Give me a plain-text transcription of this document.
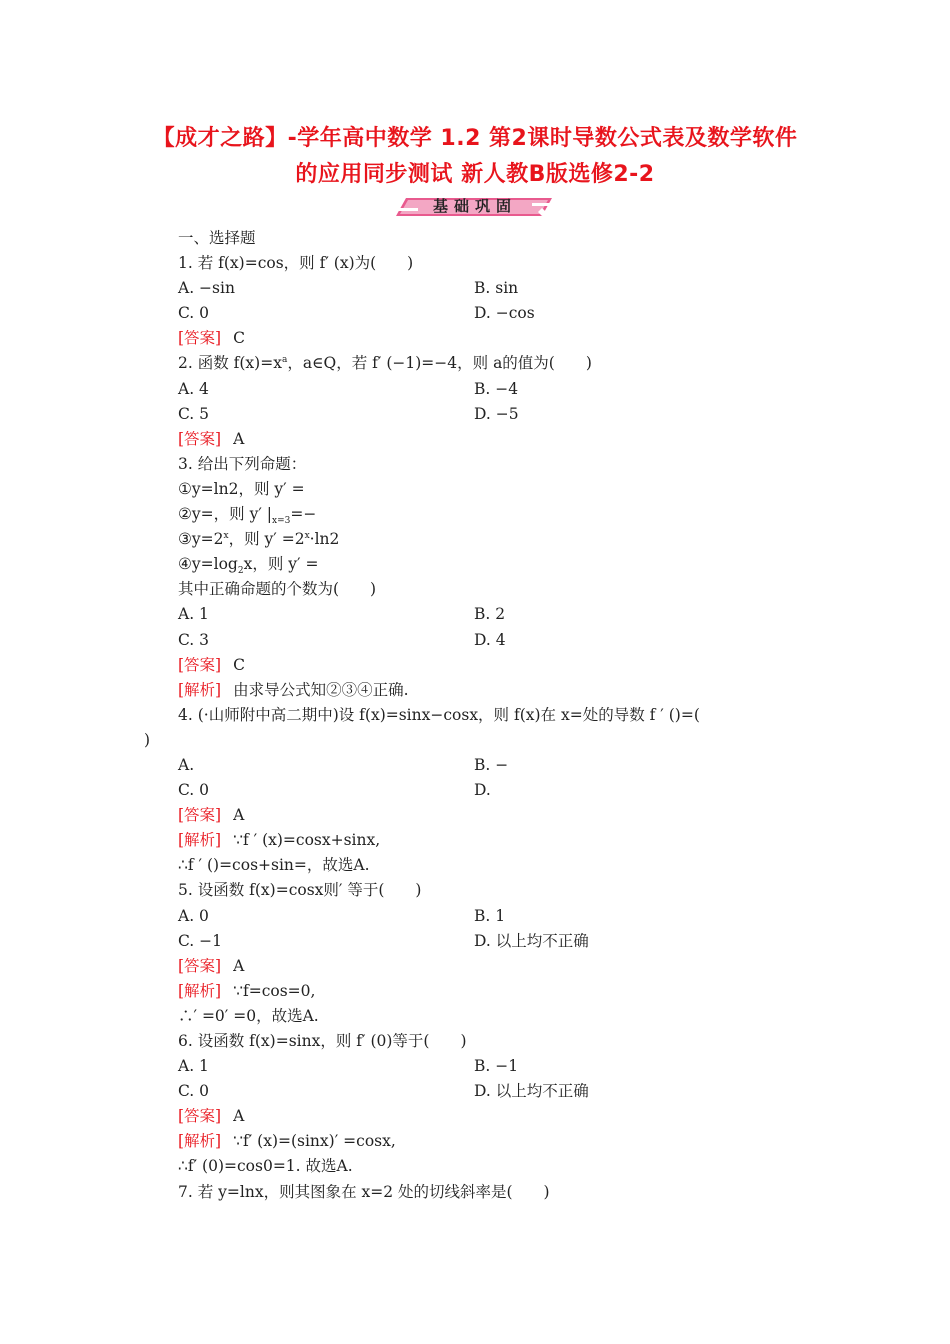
【成才之路】-学年高中数学 1.2 第2课时导数公式表及数学软件
的应用同步测试 新人教B版选修2-2
基础巩固
一、选择题
1. 若 f(x)=cos，则 f′ (x)为(　　)
A. −sin	B. sin
C. 0	D. −cos
[答案] C
2. 函数 $f(x)=x^a$，a∈Q，若 f′ (−1)=−4，则 a的值为(　　)
A. 4	B. −4
C. 5	D. −5
[答案] A
3. 给出下列命题：
①y=ln2，则 y′ =
②y=，则 y′ $|_{x=3}=-$
$③y=2^x$，则 $y' =2^x\cdot\ln 2$
$④y=\log_2x$，则 y′ =
其中正确命题的个数为(　　)
A. 1	B. 2
C. 3	D. 4
[答案] C
[解析] 由求导公式知②③④正确.
4. (·山师附中高二期中)设 f(x)=sinx−cosx，则 f(x)在 x=处的导数 f ′ ()=(
)
A.	B. −
C. 0	D.
[答案] A
[解析] ∵f ′ (x)=cosx+sinx,
∴f ′ ()=cos+sin=，故选A.
5. 设函数 f(x)=cosx则′ 等于(　　)
A. 0	B. 1
C. −1	D. 以上均不正确
[答案] A
[解析] ∵f=cos=0,
∴′ =0′ =0，故选A.
6. 设函数 f(x)=sinx，则 f′ (0)等于(　　)
A. 1	B. −1
C. 0	D. 以上均不正确
[答案] A
[解析] ∵f′ (x)=(sinx)′ =cosx,
∴f′ (0)=cos0=1. 故选A.
7. 若 y=lnx，则其图象在 x=2 处的切线斜率是(　　)
